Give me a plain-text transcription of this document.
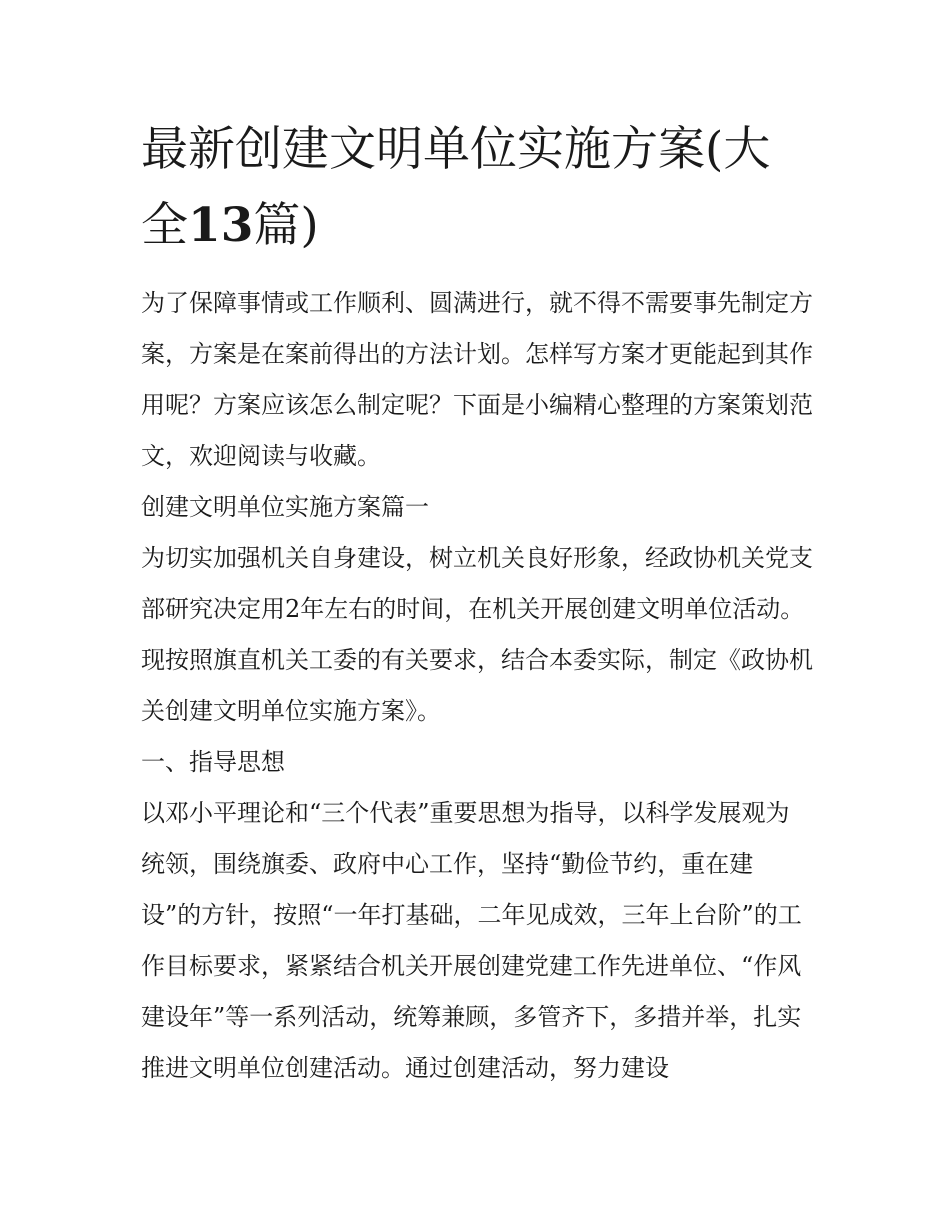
最新创建文明单位实施方案(大全13篇)

为了保障事情或工作顺利、圆满进行，就不得不需要事先制定方案，方案是在案前得出的方法计划。怎样写方案才更能起到其作用呢？方案应该怎么制定呢？下面是小编精心整理的方案策划范文，欢迎阅读与收藏。

创建文明单位实施方案篇一

为切实加强机关自身建设，树立机关良好形象，经政协机关党支部研究决定用2年左右的时间，在机关开展创建文明单位活动。现按照旗直机关工委的有关要求，结合本委实际，制定《政协机关创建文明单位实施方案》。

一、指导思想

以邓小平理论和“三个代表”重要思想为指导，以科学发展观为统领，围绕旗委、政府中心工作，坚持“勤俭节约，重在建设”的方针，按照“一年打基础，二年见成效，三年上台阶”的工作目标要求，紧紧结合机关开展创建党建工作先进单位、“作风建设年”等一系列活动，统筹兼顾，多管齐下，多措并举，扎实推进文明单位创建活动。通过创建活动，努力建设
